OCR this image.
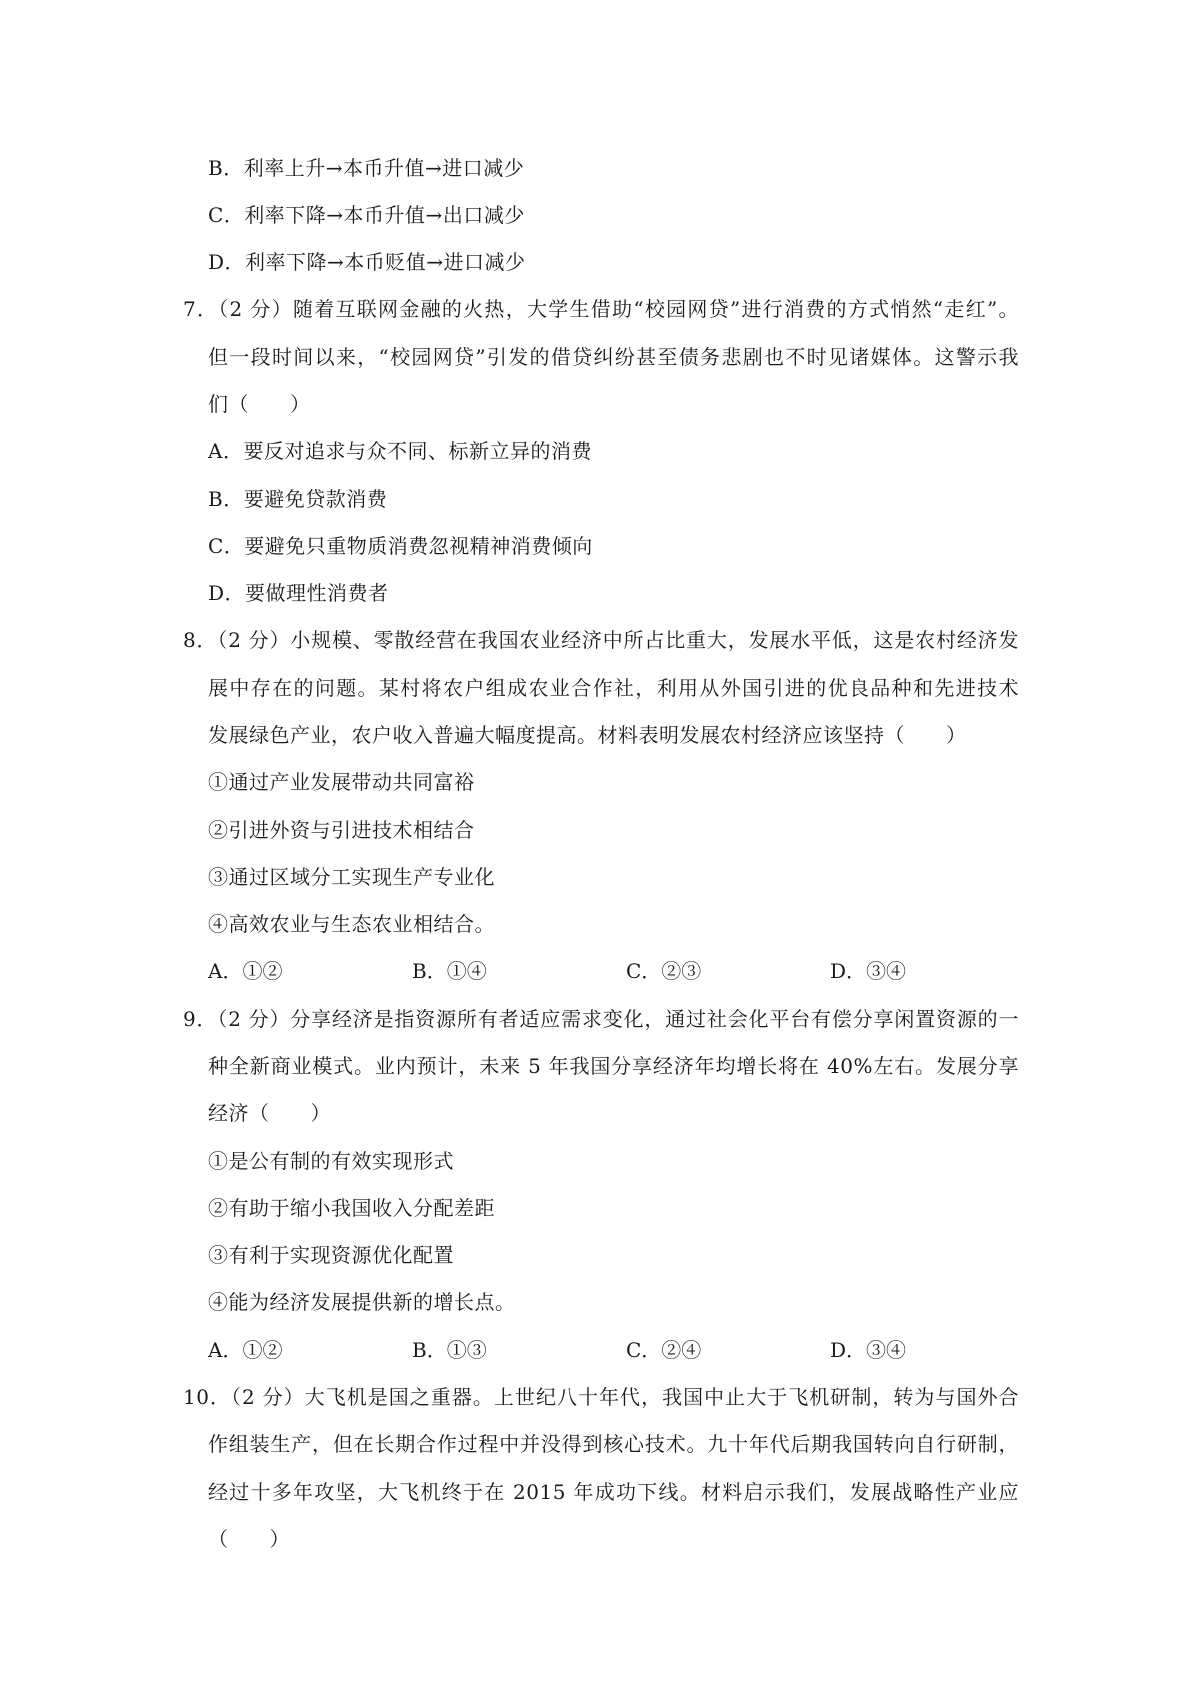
B．利率上升→本币升值→进口减少
C．利率下降→本币升值→出口减少
D．利率下降→本币贬值→进口减少
7．（2 分）随着互联网金融的火热，大学生借助“校园网贷”进行消费的方式悄然“走红”。
但一段时间以来，“校园网贷”引发的借贷纠纷甚至债务悲剧也不时见诸媒体。这警示我
们（　　）
A．要反对追求与众不同、标新立异的消费
B．要避免贷款消费
C．要避免只重物质消费忽视精神消费倾向
D．要做理性消费者
8．（2 分）小规模、零散经营在我国农业经济中所占比重大，发展水平低，这是农村经济发
展中存在的问题。某村将农户组成农业合作社，利用从外国引进的优良品种和先进技术
发展绿色产业，农户收入普遍大幅度提高。材料表明发展农村经济应该坚持（　　）
①通过产业发展带动共同富裕
②引进外资与引进技术相结合
③通过区域分工实现生产专业化
④高效农业与生态农业相结合。
A．①②	B．①④	C．②③	D．③④
9．（2 分）分享经济是指资源所有者适应需求变化，通过社会化平台有偿分享闲置资源的一
种全新商业模式。业内预计，未来 5 年我国分享经济年均增长将在 40%左右。发展分享
经济（　　）
①是公有制的有效实现形式
②有助于缩小我国收入分配差距
③有利于实现资源优化配置
④能为经济发展提供新的增长点。
A．①②	B．①③	C．②④	D．③④
10．（2 分）大飞机是国之重器。上世纪八十年代，我国中止大于飞机研制，转为与国外合
作组装生产，但在长期合作过程中并没得到核心技术。九十年代后期我国转向自行研制，
经过十多年攻坚，大飞机终于在 2015 年成功下线。材料启示我们，发展战略性产业应
（　　）
